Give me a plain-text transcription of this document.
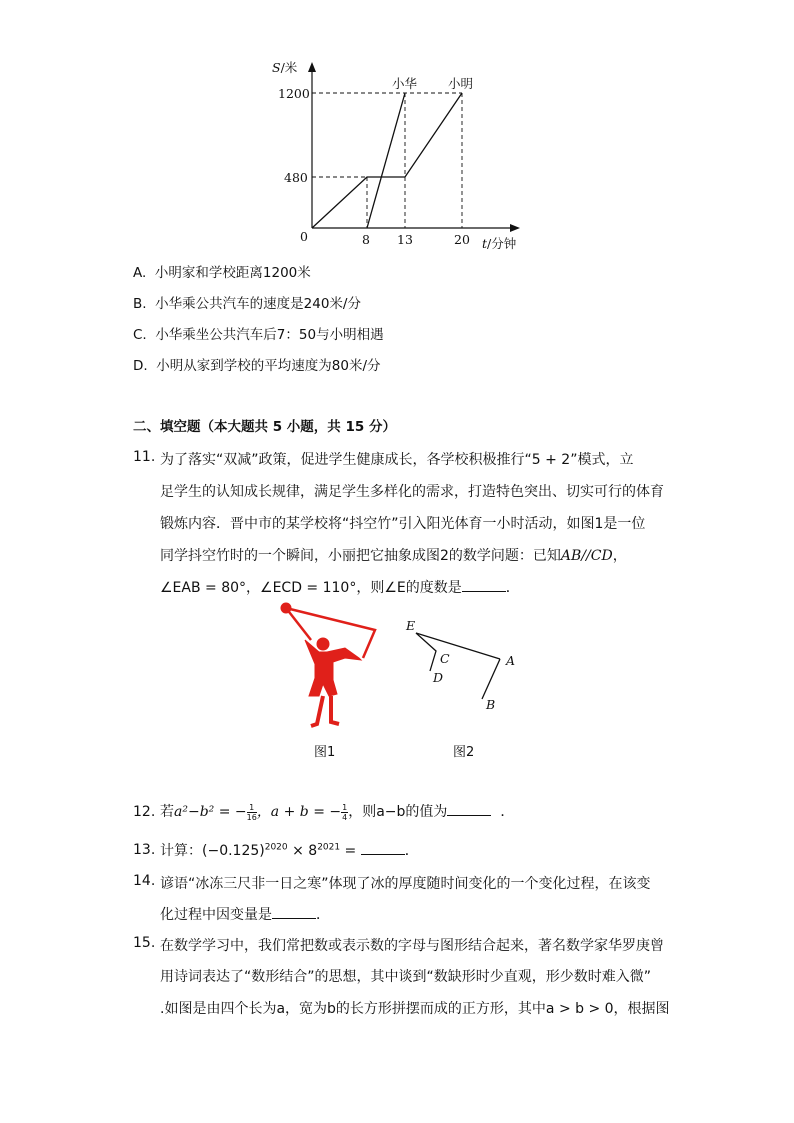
S/米
1200
480
0	8 13	20 t/分钟
小华 小明
A. 小明家和学校距离1200米
B. 小华乘公共汽车的速度是240米/分
C. 小华乘坐公共汽车后7：50与小明相遇
D. 小明从家到学校的平均速度为80米/分
二、填空题（本大题共 5 小题，共 15 分）
11. 为了落实“双减”政策，促进学生健康成长，各学校积极推行“5 + 2”模式，立
足学生的认知成长规律，满足学生多样化的需求，打造特色突出、切实可行的体育
锻炼内容．晋中市的某学校将“抖空竹”引入阳光体育一小时活动，如图1是一位
同学抖空竹时的一个瞬间，小丽把它抽象成图2的数学问题：已知AB//CD，
∠EAB = 80°，∠ECD = 110°，则∠E的度数是	．
E
C
D
A
B
图1	图2
12. 若a²−b² = − $\frac{1}{16}$，a + b = − $\frac{1}{4}$，则a−b的值为	．
13. 计算：$(-0.125)^{2020} \times 8^{2021}$ =	．
14. 谚语“冰冻三尺非一日之寒”体现了冰的厚度随时间变化的一个变化过程，在该变
化过程中因变量是	．
15. 在数学学习中，我们常把数或表示数的字母与图形结合起来，著名数学家华罗庚曾
用诗词表达了“数形结合”的思想，其中谈到“数缺形时少直观，形少数时难入微”
.如图是由四个长为a，宽为b的长方形拼摆而成的正方形，其中a > b > 0，根据图
